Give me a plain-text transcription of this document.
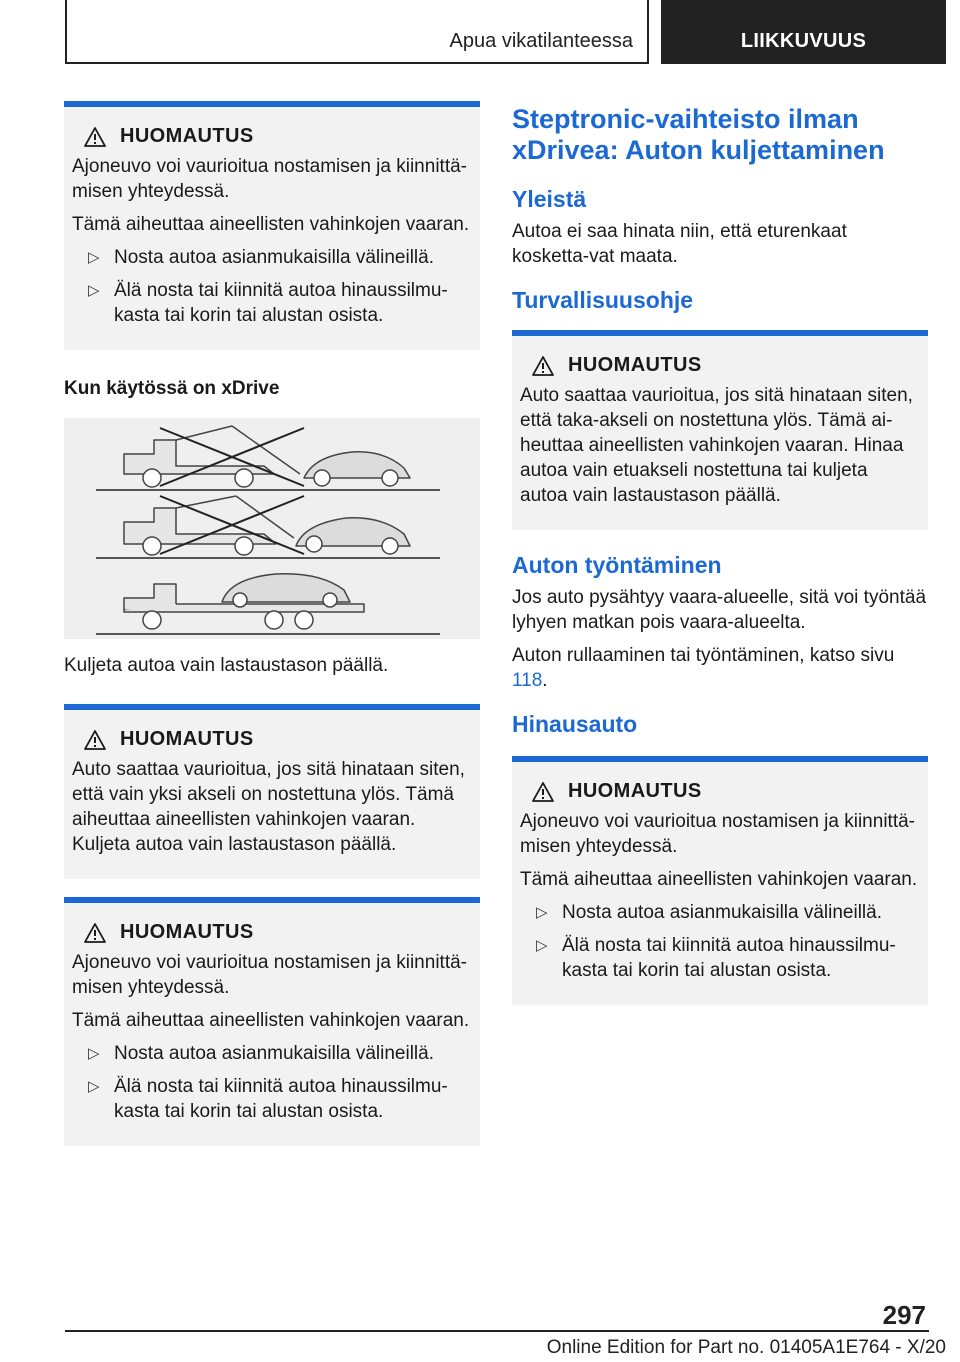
Apua vikatilanteessa	LIIKKUVUUS
HUOMAUTUS

Ajoneuvo voi vaurioitua nostamisen ja kiinnittä-misen yhteydessä.

Tämä aiheuttaa aineellisten vahinkojen vaaran.

▷ Nosta autoa asianmukaisilla välineillä.
▷ Älä nosta tai kiinnitä autoa hinaussilmu-kasta tai korin tai alustan osista.
Kun käytössä on xDrive
Kuljeta autoa vain lastaustason päällä.
HUOMAUTUS

Auto saattaa vaurioitua, jos sitä hinataan siten, että vain yksi akseli on nostettuna ylös. Tämä aiheuttaa aineellisten vahinkojen vaaran. Kuljeta autoa vain lastaustason päällä.

HUOMAUTUS

Ajoneuvo voi vaurioitua nostamisen ja kiinnittä-misen yhteydessä.

Tämä aiheuttaa aineellisten vahinkojen vaaran.

▷ Nosta autoa asianmukaisilla välineillä.
▷ Älä nosta tai kiinnitä autoa hinaussilmu-kasta tai korin tai alustan osista.
Steptronic-vaihteisto ilman xDrivea: Auton kuljettaminen
Yleistä
Autoa ei saa hinata niin, että eturenkaat kosketta-vat maata.
Turvallisuusohje
HUOMAUTUS

Auto saattaa vaurioitua, jos sitä hinataan siten, että taka-akseli on nostettuna ylös. Tämä ai-heuttaa aineellisten vahinkojen vaaran. Hinaa autoa vain etuakseli nostettuna tai kuljeta autoa vain lastaustason päällä.

Auton työntäminen
Jos auto pysähtyy vaara-alueelle, sitä voi työntää lyhyen matkan pois vaara-alueelta.
Auton rullaaminen tai työntäminen, katso sivu 118.
Hinausauto
HUOMAUTUS

Ajoneuvo voi vaurioitua nostamisen ja kiinnittä-misen yhteydessä.

Tämä aiheuttaa aineellisten vahinkojen vaaran.

▷ Nosta autoa asianmukaisilla välineillä.
▷ Älä nosta tai kiinnitä autoa hinaussilmu-kasta tai korin tai alustan osista.
297
Online Edition for Part no. 01405A1E764 - X/20
